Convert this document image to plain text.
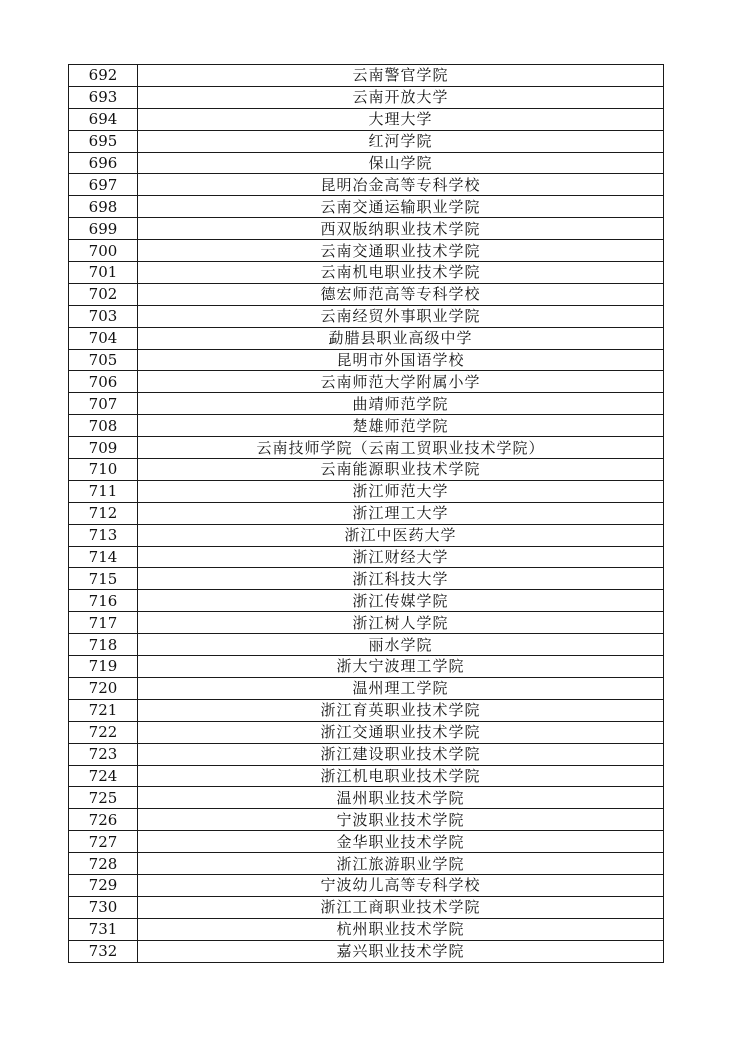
692	云南警官学院
693	云南开放大学
694	大理大学
695	红河学院
696	保山学院
697	昆明冶金高等专科学校
698	云南交通运输职业学院
699	西双版纳职业技术学院
700	云南交通职业技术学院
701	云南机电职业技术学院
702	德宏师范高等专科学校
703	云南经贸外事职业学院
704	勐腊县职业高级中学
705	昆明市外国语学校
706	云南师范大学附属小学
707	曲靖师范学院
708	楚雄师范学院
709	云南技师学院（云南工贸职业技术学院）
710	云南能源职业技术学院
711	浙江师范大学
712	浙江理工大学
713	浙江中医药大学
714	浙江财经大学
715	浙江科技大学
716	浙江传媒学院
717	浙江树人学院
718	丽水学院
719	浙大宁波理工学院
720	温州理工学院
721	浙江育英职业技术学院
722	浙江交通职业技术学院
723	浙江建设职业技术学院
724	浙江机电职业技术学院
725	温州职业技术学院
726	宁波职业技术学院
727	金华职业技术学院
728	浙江旅游职业学院
729	宁波幼儿高等专科学校
730	浙江工商职业技术学院
731	杭州职业技术学院
732	嘉兴职业技术学院
